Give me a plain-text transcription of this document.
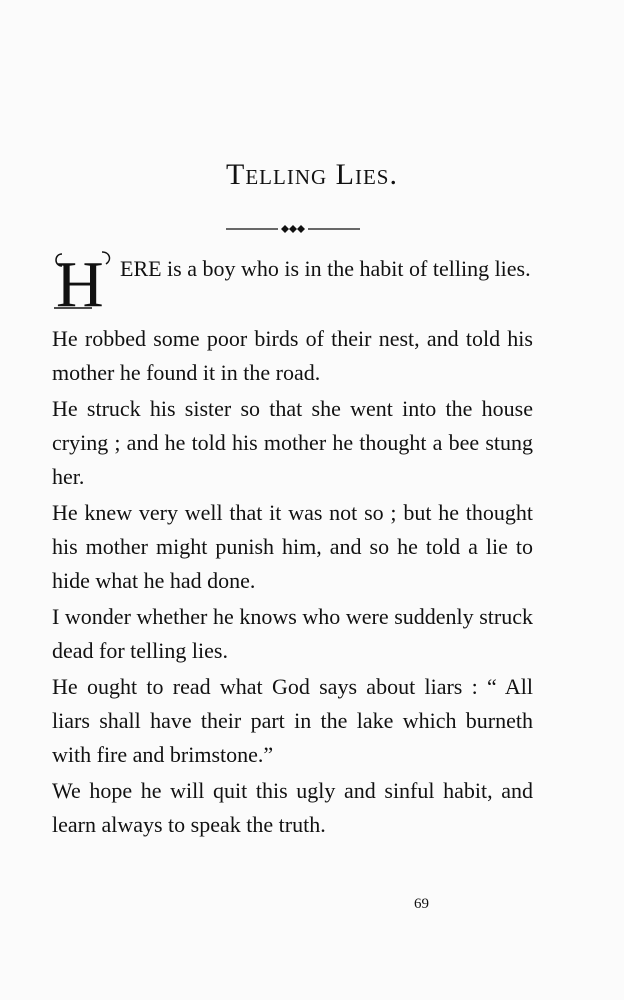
Telling Lies.
H ERE is a boy who is in the habit of telling lies.

He robbed some poor birds of their nest, and told his mother he found it in the road.

He struck his sister so that she went into the house crying ; and he told his mother he thought a bee stung her.

He knew very well that it was not so ; but he thought his mother might punish him, and so he told a lie to hide what he had done.

I wonder whether he knows who were suddenly struck dead for telling lies.

He ought to read what God says about liars : “ All liars shall have their part in the lake which burneth with fire and brimstone.”

We hope he will quit this ugly and sinful habit, and learn always to speak the truth.

69
